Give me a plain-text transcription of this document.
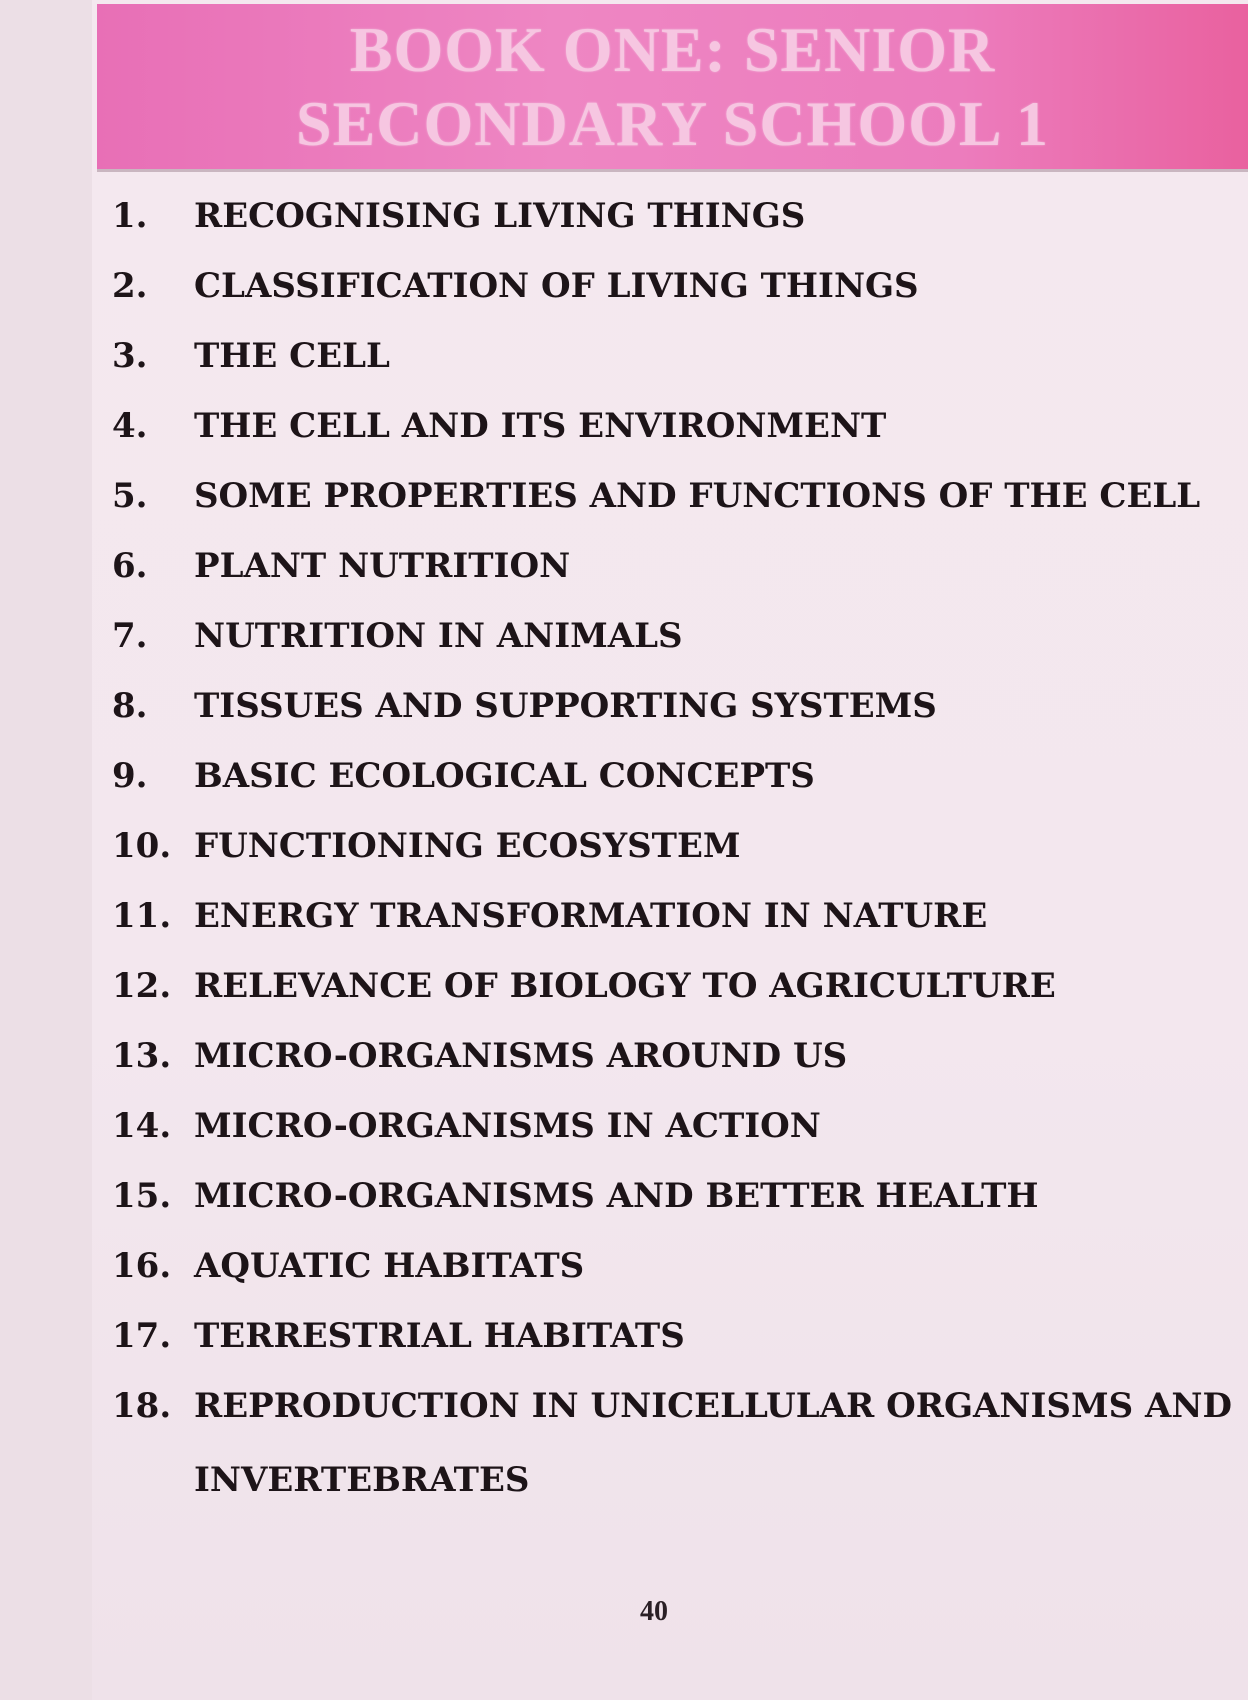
BOOK ONE: SENIOR
SECONDARY SCHOOL 1
1.	RECOGNISING LIVING THINGS
2.	CLASSIFICATION OF LIVING THINGS
3.	THE CELL
4.	THE CELL AND ITS ENVIRONMENT
5.	SOME PROPERTIES AND FUNCTIONS OF THE CELL
6.	PLANT NUTRITION
7.	NUTRITION IN ANIMALS
8.	TISSUES AND SUPPORTING SYSTEMS
9.	BASIC ECOLOGICAL CONCEPTS
10. FUNCTIONING ECOSYSTEM
11. ENERGY TRANSFORMATION IN NATURE
12. RELEVANCE OF BIOLOGY TO AGRICULTURE
13. MICRO-ORGANISMS AROUND US
14. MICRO-ORGANISMS IN ACTION
15. MICRO-ORGANISMS AND BETTER HEALTH
16. AQUATIC HABITATS
17. TERRESTRIAL HABITATS
18. REPRODUCTION IN UNICELLULAR ORGANISMS AND INVERTEBRATES
40
